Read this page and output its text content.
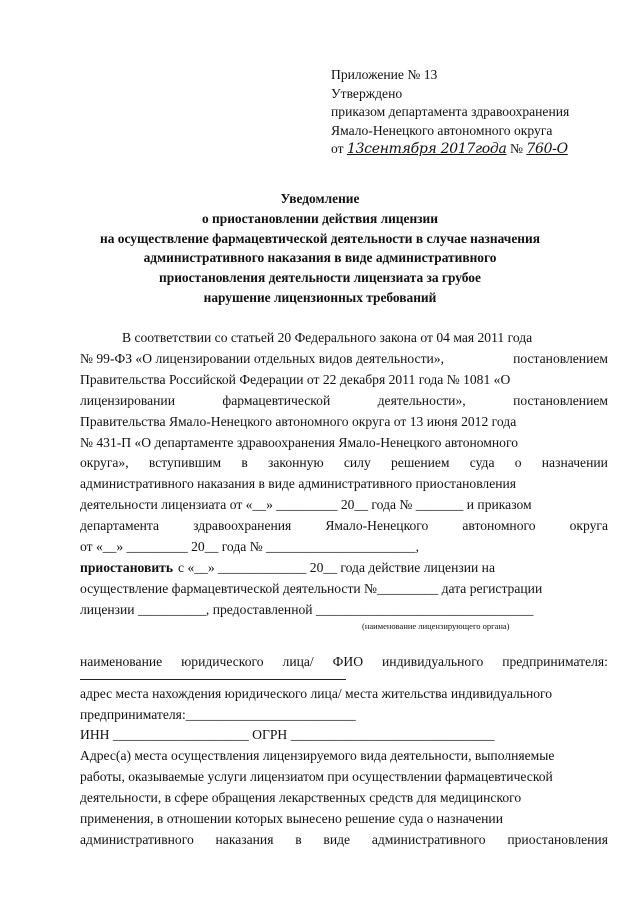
Приложение № 13
Утверждено
приказом департамента здравоохранения
Ямало-Ненецкого автономного округа
от 13сентября 2017года № 760-О
Уведомление
о приостановлении действия лицензии
на осуществление фармацевтической деятельности в случае назначения
административного наказания в виде административного
приостановления деятельности лицензиата за грубое
нарушение лицензионных требований
В соответствии со статьей 20 Федерального закона от 04 мая 2011 года
№ 99-ФЗ «О лицензировании отдельных видов деятельности»,	постановлением
Правительства Российской Федерации от 22 декабря 2011 года № 1081 «О
лицензировании	фармацевтической	деятельности»,	постановлением
Правительства Ямало-Ненецкого автономного округа от 13 июня 2012 года
№ 431-П «О департаменте здравоохранения Ямало-Ненецкого автономного
округа», вступившим в законную силу решением суда о назначении
административного наказания в виде административного приостановления
деятельности лицензиата от «__» _________ 20__ года № _______ и приказом
департамента	здравоохранения	Ямало-Ненецкого	автономного	округа
от «__» _________ 20__ года № ______________________,
приостановить с «__» _____________ 20__ года действие лицензии на
осуществление фармацевтической деятельности №_________ дата регистрации
лицензии __________, предоставленной ________________________________
(наименование лицензирующего органа)
наименование юридического лица/ ФИО индивидуального предпринимателя:
адрес места нахождения юридического лица/ места жительства индивидуального
предпринимателя:_________________________
ИНН ____________________ ОГРН ______________________________
Адрес(а) места осуществления лицензируемого вида деятельности, выполняемые
работы, оказываемые услуги лицензиатом при осуществлении фармацевтической
деятельности, в сфере обращения лекарственных средств для медицинского
применения, в отношении которых вынесено решение суда о назначении
административного наказания в виде административного приостановления
